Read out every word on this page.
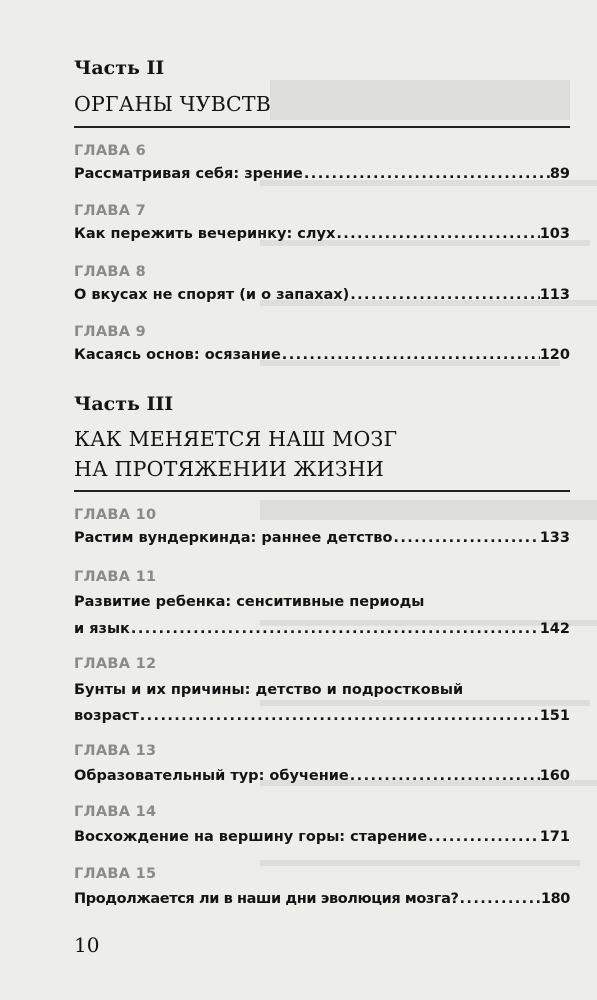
Часть II
ОРГАНЫ ЧУВСТВ
ГЛАВА 6
Рассматривая себя: зрение .....	89
ГЛАВА 7
Как пережить вечеринку: слух .....	103
ГЛАВА 8
О вкусах не спорят (и о запахах) .....	113
ГЛАВА 9
Касаясь основ: осязание .....	120
Часть III
КАК МЕНЯЕТСЯ НАШ МОЗГ
НА ПРОТЯЖЕНИИ ЖИЗНИ
ГЛАВА 10
Растим вундеркинда: раннее детство .....	133
ГЛАВА 11
Развитие ребенка: сенситивные периоды
и язык .....	142
ГЛАВА 12
Бунты и их причины: детство и подростковый
возраст .....	151
ГЛАВА 13
Образовательный тур: обучение .....	160
ГЛАВА 14
Восхождение на вершину горы: старение .....	171
ГЛАВА 15
Продолжается ли в наши дни эволюция мозга? .....	180
10
